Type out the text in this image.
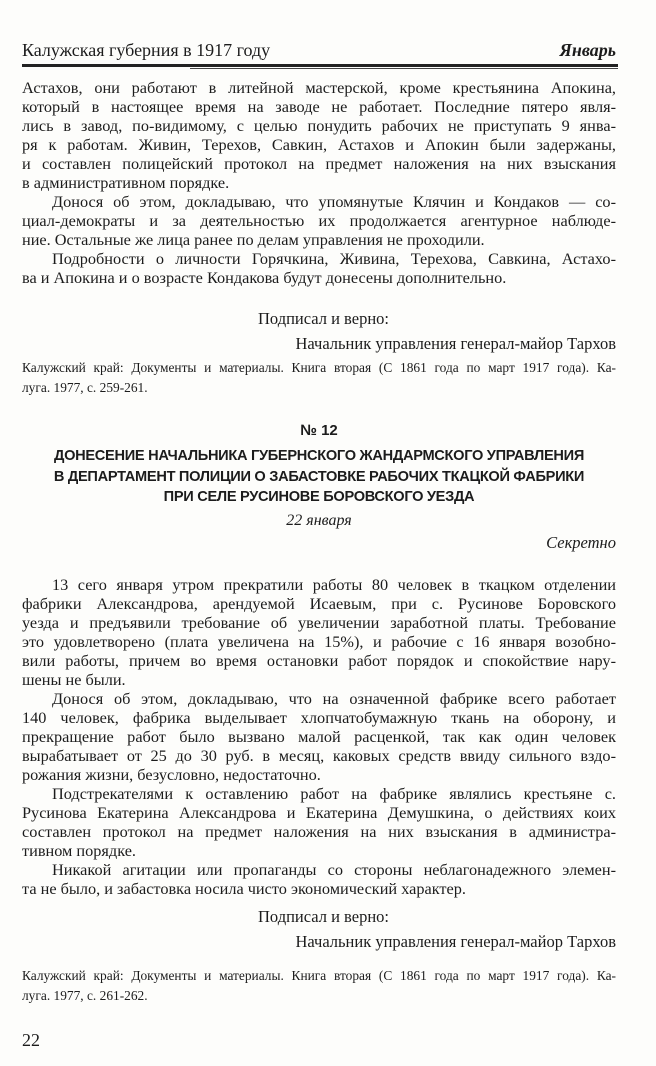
Калужская губерния в 1917 году	Январь
Астахов, они работают в литейной мастерской, кроме крестьянина Апокина,
который в настоящее время на заводе не работает. Последние пятеро явля-
лись в завод, по-видимому, с целью понудить рабочих не приступать 9 янва-
ря к работам. Живин, Терехов, Савкин, Астахов и Апокин были задержаны,
и составлен полицейский протокол на предмет наложения на них взыскания
в административном порядке.
Донося об этом, докладываю, что упомянутые Клячин и Кондаков — со-
циал-демократы и за деятельностью их продолжается агентурное наблюде-
ние. Остальные же лица ранее по делам управления не проходили.
Подробности о личности Горячкина, Живина, Терехова, Савкина, Астахо-
ва и Апокина и о возрасте Кондакова будут донесены дополнительно.
Подписал и верно:
Начальник управления генерал-майор Тархов
Калужский край: Документы и материалы. Книга вторая (С 1861 года по март 1917 года). Ка-
луга. 1977, с. 259-261.
№ 12
ДОНЕСЕНИЕ НАЧАЛЬНИКА ГУБЕРНСКОГО ЖАНДАРМСКОГО УПРАВЛЕНИЯ
В ДЕПАРТАМЕНТ ПОЛИЦИИ О ЗАБАСТОВКЕ РАБОЧИХ ТКАЦКОЙ ФАБРИКИ
ПРИ СЕЛЕ РУСИНОВЕ БОРОВСКОГО УЕЗДА
22 января
Секретно
13 сего января утром прекратили работы 80 человек в ткацком отделении
фабрики Александрова, арендуемой Исаевым, при с. Русинове Боровского
уезда и предъявили требование об увеличении заработной платы. Требование
это удовлетворено (плата увеличена на 15%), и рабочие с 16 января возобно-
вили работы, причем во время остановки работ порядок и спокойствие нару-
шены не были.
Донося об этом, докладываю, что на означенной фабрике всего работает
140 человек, фабрика выделывает хлопчатобумажную ткань на оборону, и
прекращение работ было вызвано малой расценкой, так как один человек
вырабатывает от 25 до 30 руб. в месяц, каковых средств ввиду сильного вздо-
рожания жизни, безусловно, недостаточно.
Подстрекателями к оставлению работ на фабрике являлись крестьяне с.
Русинова Екатерина Александрова и Екатерина Демушкина, о действиях коих
составлен протокол на предмет наложения на них взыскания в администра-
тивном порядке.
Никакой агитации или пропаганды со стороны неблагонадежного элемен-
та не было, и забастовка носила чисто экономический характер.
Подписал и верно:
Начальник управления генерал-майор Тархов
Калужский край: Документы и материалы. Книга вторая (С 1861 года по март 1917 года). Ка-
луга. 1977, с. 261-262.
22
